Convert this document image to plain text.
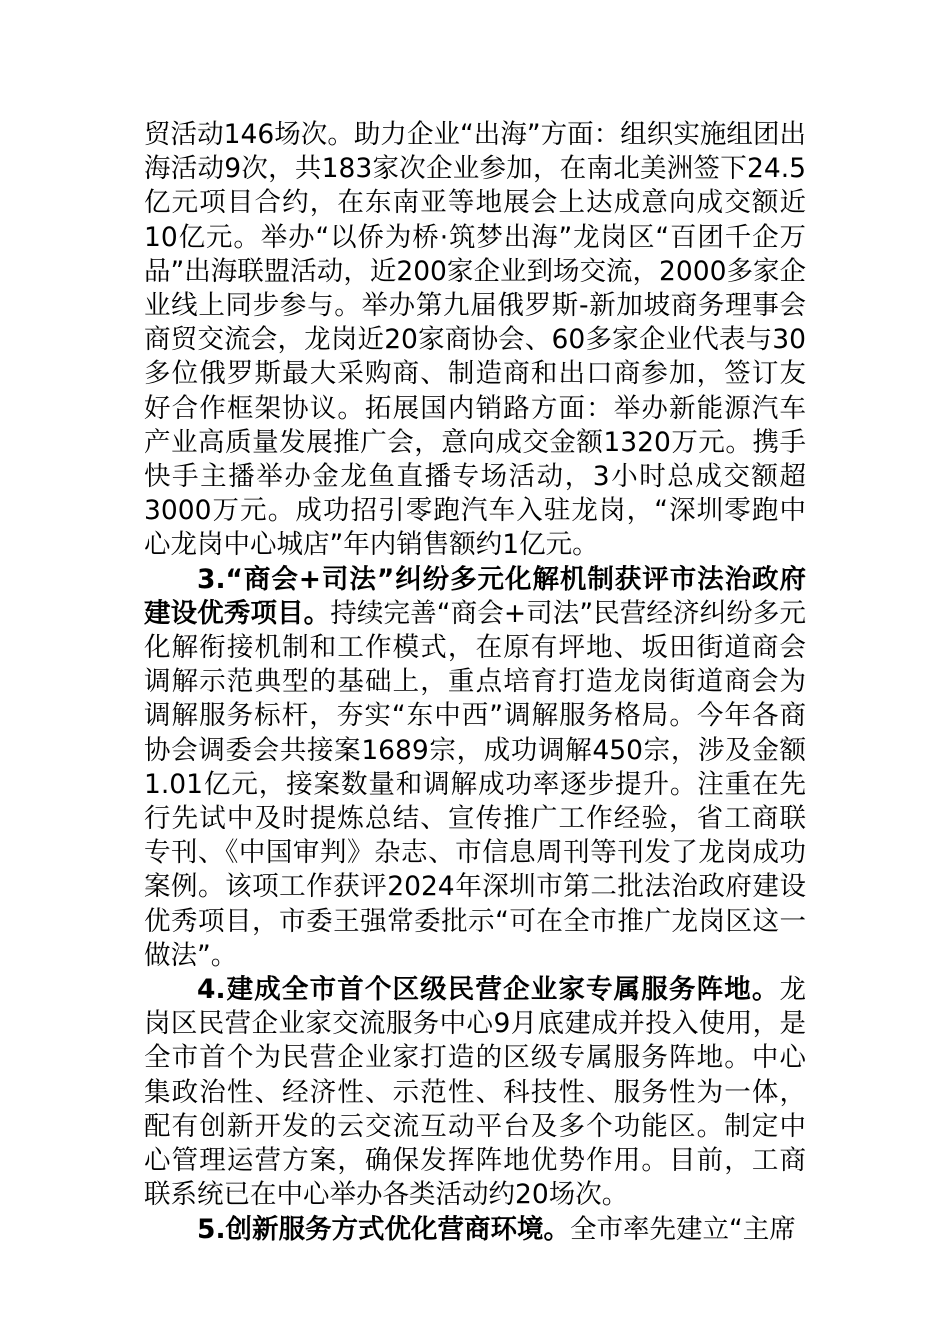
贸活动146场次。助力企业“出海”方面：组织实施组团出海活动9次，共183家次企业参加，在南北美洲签下24.5亿元项目合约，在东南亚等地展会上达成意向成交额近10亿元。举办“以侨为桥·筑梦出海”龙岗区“百团千企万品”出海联盟活动，近200家企业到场交流，2000多家企业线上同步参与。举办第九届俄罗斯-新加坡商务理事会商贸交流会，龙岗近20家商协会、60多家企业代表与30多位俄罗斯最大采购商、制造商和出口商参加，签订友好合作框架协议。拓展国内销路方面：举办新能源汽车产业高质量发展推广会，意向成交金额1320万元。携手快手主播举办金龙鱼直播专场活动，3小时总成交额超3000万元。成功招引零跑汽车入驻龙岗，“深圳零跑中心龙岗中心城店”年内销售额约1亿元。

3.“商会+司法”纠纷多元化解机制获评市法治政府建设优秀项目。持续完善“商会+司法”民营经济纠纷多元化解衔接机制和工作模式，在原有坪地、坂田街道商会调解示范典型的基础上，重点培育打造龙岗街道商会为调解服务标杆，夯实“东中西”调解服务格局。今年各商协会调委会共接案1689宗，成功调解450宗，涉及金额1.01亿元，接案数量和调解成功率逐步提升。注重在先行先试中及时提炼总结、宣传推广工作经验，省工商联专刊、《中国审判》杂志、市信息周刊等刊发了龙岗成功案例。该项工作获评2024年深圳市第二批法治政府建设优秀项目，市委王强常委批示“可在全市推广龙岗区这一做法”。

4.建成全市首个区级民营企业家专属服务阵地。龙岗区民营企业家交流服务中心9月底建成并投入使用，是全市首个为民营企业家打造的区级专属服务阵地。中心集政治性、经济性、示范性、科技性、服务性为一体，配有创新开发的云交流互动平台及多个功能区。制定中心管理运营方案，确保发挥阵地优势作用。目前，工商联系统已在中心举办各类活动约20场次。

5.创新服务方式优化营商环境。全市率先建立“主席
